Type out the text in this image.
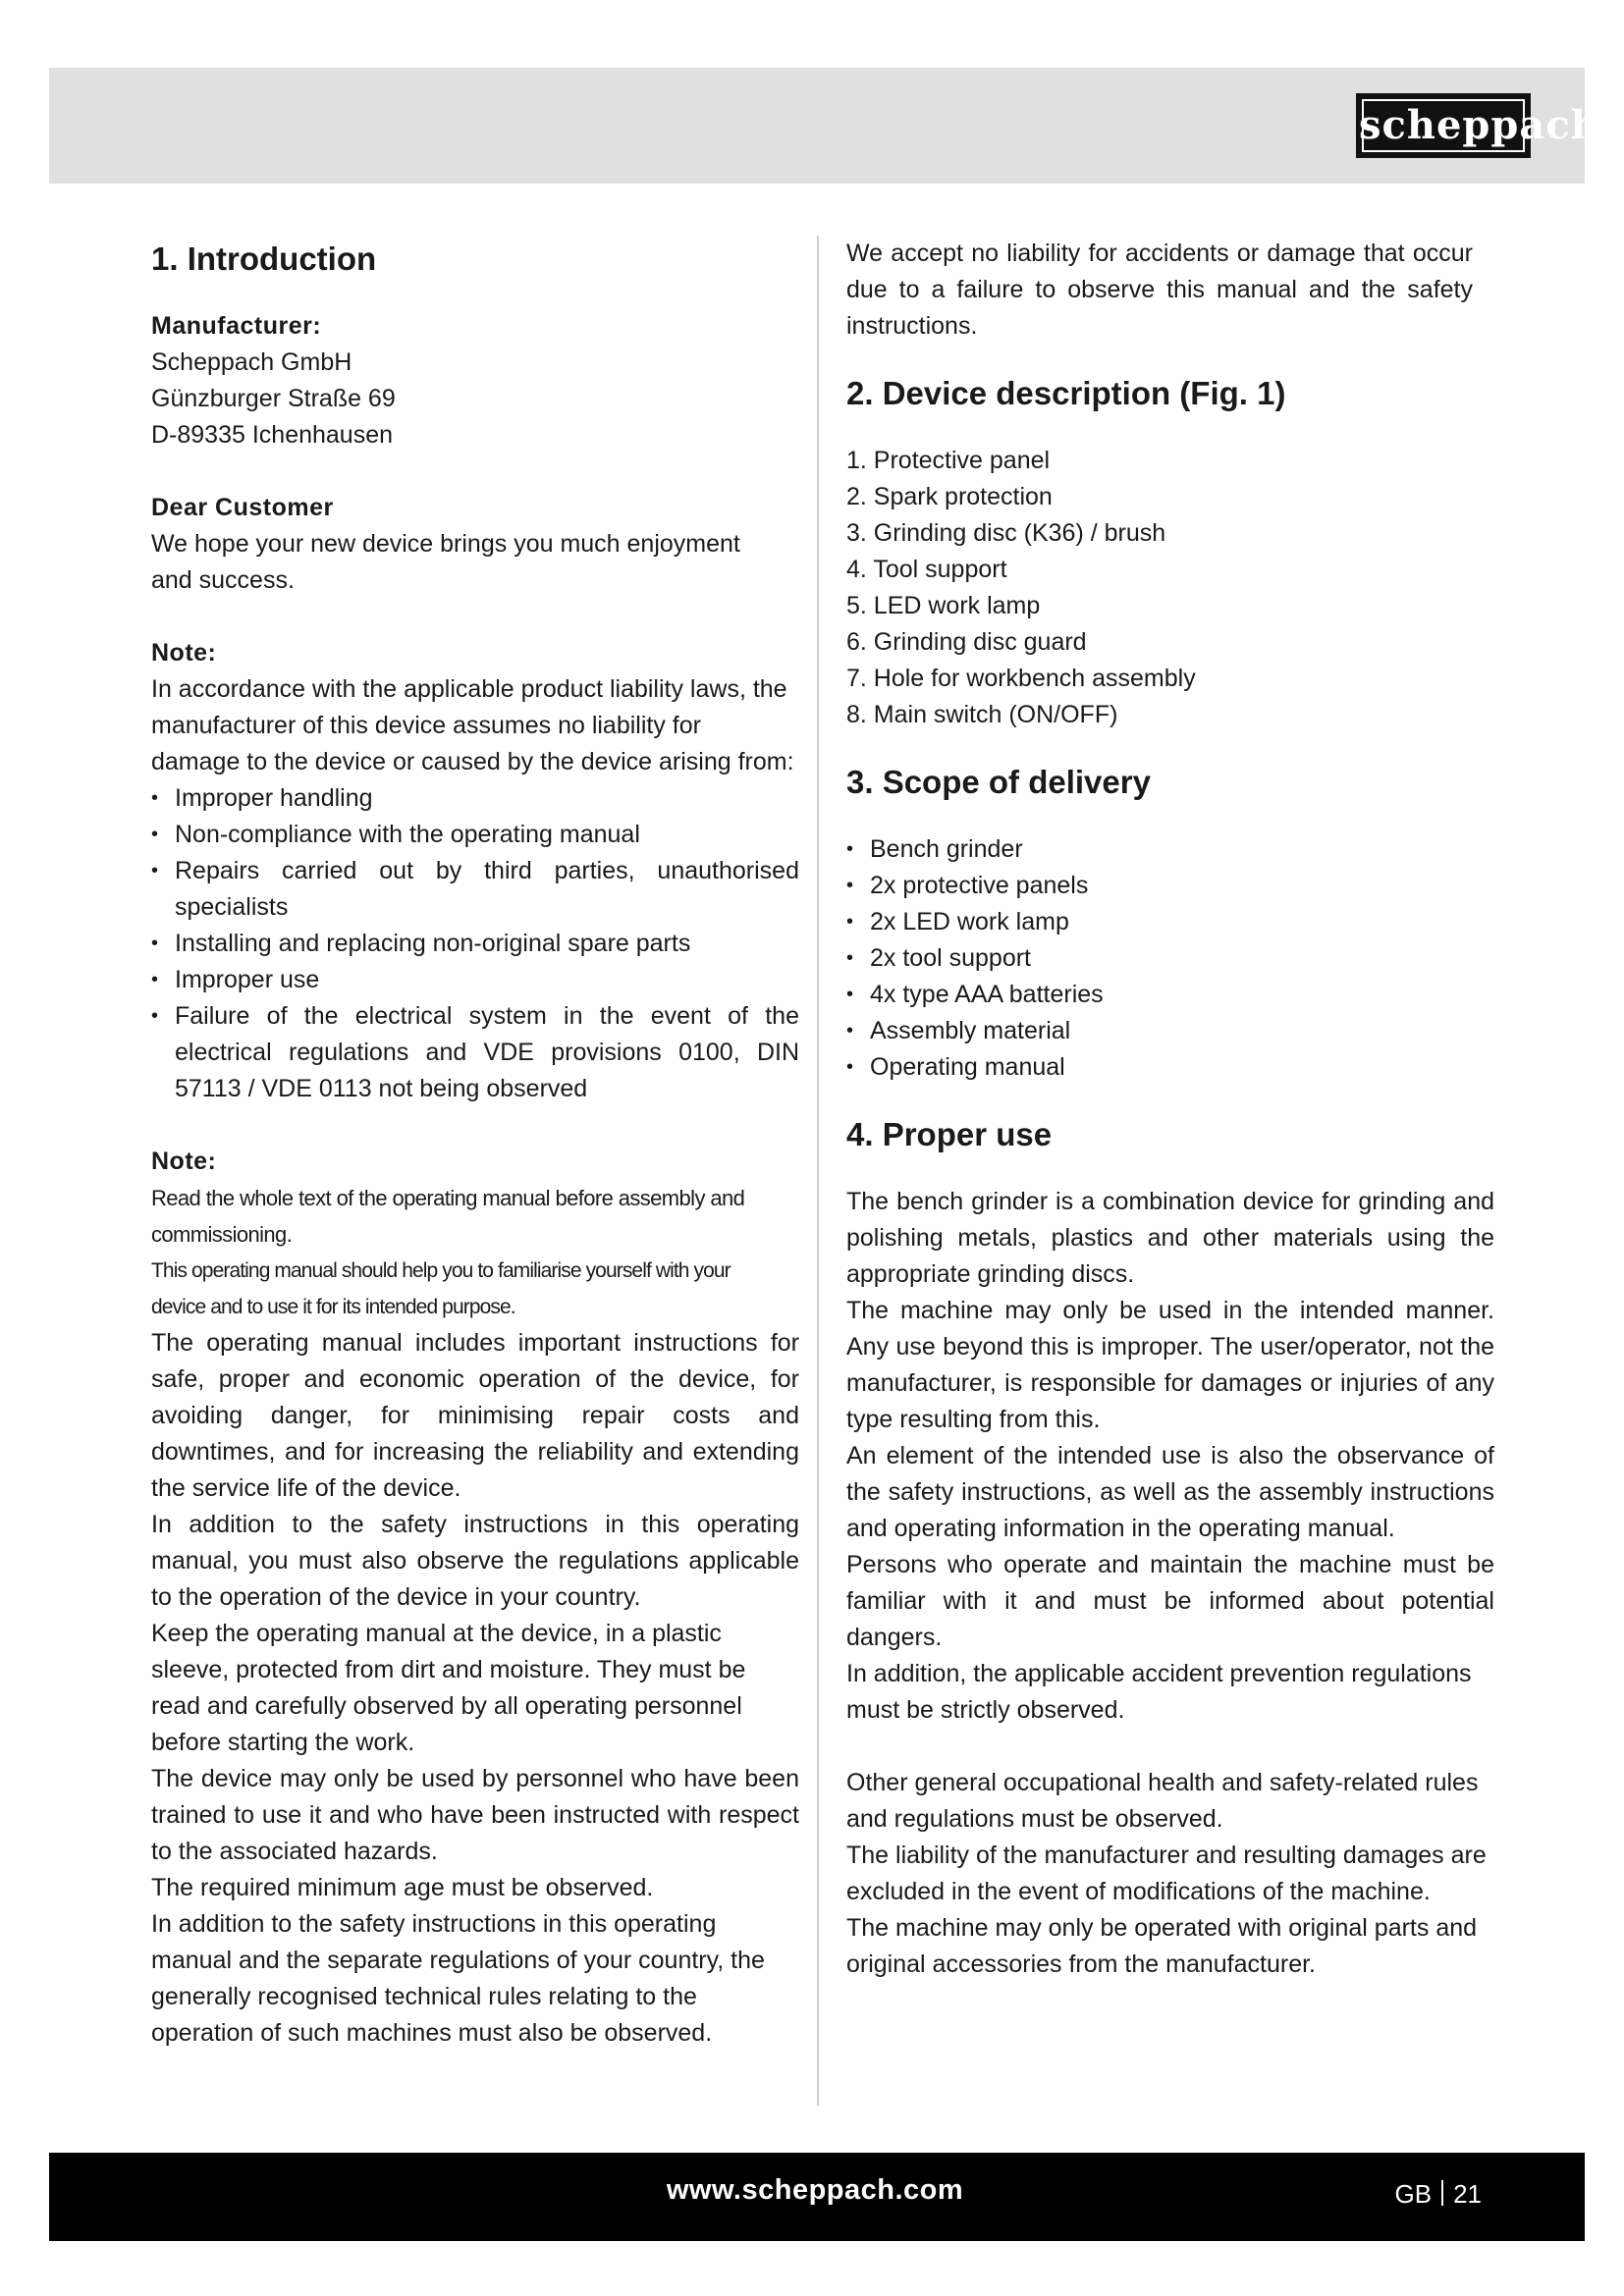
scheppach
1. Introduction

Manufacturer:

Scheppach GmbH

Günzburger Straße 69

D-89335 Ichenhausen

Dear Customer

We hope your new device brings you much enjoyment and success.

Note:

In accordance with the applicable product liability laws, the manufacturer of this device assumes no liability for damage to the device or caused by the device arising from:

• Improper handling
• Non-compliance with the operating manual
• Repairs carried out by third parties, unauthorised specialists
• Installing and replacing non-original spare parts
• Improper use
• Failure of the electrical system in the event of the electrical regulations and VDE provisions 0100, DIN 57113 / VDE 0113 not being observed

Note:

Read the whole text of the operating manual before assembly and commissioning.

This operating manual should help you to familiarise yourself with your device and to use it for its intended purpose.

The operating manual includes important instructions for safe, proper and economic operation of the device, for avoiding danger, for minimising repair costs and downtimes, and for increasing the reliability and extending the service life of the device.

In addition to the safety instructions in this operating manual, you must also observe the regulations applicable to the operation of the device in your country.

Keep the operating manual at the device, in a plastic sleeve, protected from dirt and moisture. They must be read and carefully observed by all operating personnel before starting the work.

The device may only be used by personnel who have been trained to use it and who have been instructed with respect to the associated hazards.

The required minimum age must be observed.

In addition to the safety instructions in this operating manual and the separate regulations of your country, the generally recognised technical rules relating to the operation of such machines must also be observed.

We accept no liability for accidents or damage that occur due to a failure to observe this manual and the safety instructions.

2. Device description (Fig. 1)
1. Protective panel
2. Spark protection
3. Grinding disc (K36) / brush
4. Tool support
5. LED work lamp
6. Grinding disc guard
7. Hole for workbench assembly
8. Main switch (ON/OFF)
3. Scope of delivery
• Bench grinder
• 2x protective panels
• 2x LED work lamp
• 2x tool support
• 4x type AAA batteries
• Assembly material
• Operating manual
4. Proper use

The bench grinder is a combination device for grinding and polishing metals, plastics and other materials using the appropriate grinding discs.

The machine may only be used in the intended manner. Any use beyond this is improper. The user/operator, not the manufacturer, is responsible for damages or injuries of any type resulting from this.

An element of the intended use is also the observance of the safety instructions, as well as the assembly instructions and operating information in the operating manual.

Persons who operate and maintain the machine must be familiar with it and must be informed about potential dangers.

In addition, the applicable accident prevention regulations must be strictly observed.

Other general occupational health and safety-related rules and regulations must be observed.

The liability of the manufacturer and resulting damages are excluded in the event of modifications of the machine.

The machine may only be operated with original parts and original accessories from the manufacturer.

www.scheppach.com	GB 21
